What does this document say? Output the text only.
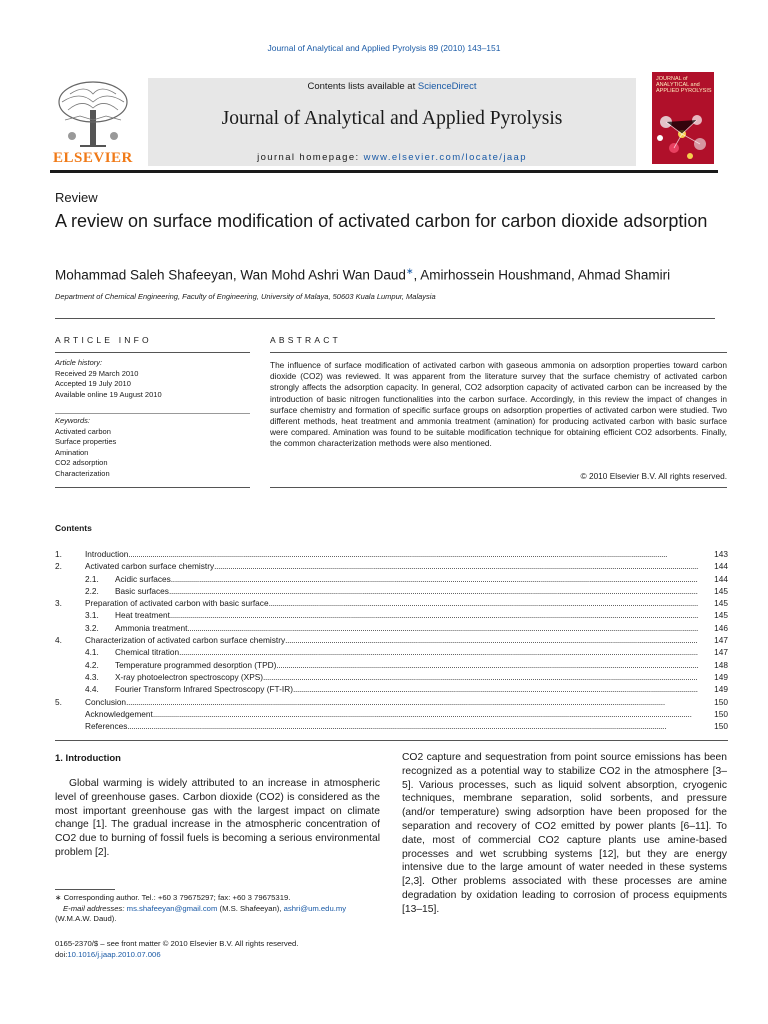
Journal of Analytical and Applied Pyrolysis 89 (2010) 143–151
ELSEVIER
Contents lists available at ScienceDirect
Journal of Analytical and Applied Pyrolysis
journal homepage: www.elsevier.com/locate/jaap
JOURNAL of ANALYTICAL and APPLIED PYROLYSIS
Review
A review on surface modification of activated carbon for carbon dioxide adsorption
Mohammad Saleh Shafeeyan, Wan Mohd Ashri Wan Daud∗, Amirhossein Houshmand, Ahmad Shamiri
Department of Chemical Engineering, Faculty of Engineering, University of Malaya, 50603 Kuala Lumpur, Malaysia
ARTICLE INFO	ABSTRACT
Article history:
Received 29 March 2010
Accepted 19 July 2010
Available online 19 August 2010
Keywords:
Activated carbon
Surface properties
Amination
CO2 adsorption
Characterization
The influence of surface modification of activated carbon with gaseous ammonia on adsorption properties toward carbon dioxide (CO2) was reviewed. It was apparent from the literature survey that the surface chemistry of activated carbon strongly affects the adsorption capacity. In general, CO2 adsorption capacity of activated carbon can be increased by the introduction of basic nitrogen functionalities into the carbon surface. Accordingly, in this review the impact of changes in surface chemistry and formation of specific surface groups on adsorption properties of activated carbon were studied. Two different methods, heat treatment and ammonia treatment (amination) for producing activated carbon with basic surface were compared. Amination was found to be suitable modification technique for obtaining efficient CO2 adsorbents. Finally, the common characterization methods were also mentioned.
© 2010 Elsevier B.V. All rights reserved.
Contents
1.	Introduction . . .	143
2.	Activated carbon surface chemistry . . .	144
2.1.	Acidic surfaces . . .	144
2.2.	Basic surfaces . . .	145
3.	Preparation of activated carbon with basic surface . . .	145
3.1.	Heat treatment . . .	145
3.2.	Ammonia treatment . . .	146
4.	Characterization of activated carbon surface chemistry . . .	147
4.1.	Chemical titration . . .	147
4.2.	Temperature programmed desorption (TPD) . . .	148
4.3.	X-ray photoelectron spectroscopy (XPS) . . .	149
4.4.	Fourier Transform Infrared Spectroscopy (FT-IR) . . .	149
5.	Conclusion . . .	150
Acknowledgement . . .	150
References . . .	150
1. Introduction
Global warming is widely attributed to an increase in atmospheric level of greenhouse gases. Carbon dioxide (CO2) is considered as the most important greenhouse gas with the largest impact on climate change [1]. The gradual increase in the atmospheric concentration of CO2 due to burning of fossil fuels is becoming a serious environmental problem [2].
CO2 capture and sequestration from point source emissions has been recognized as a potential way to stabilize CO2 in the atmosphere [3–5]. Various processes, such as liquid solvent absorption, cryogenic techniques, membrane separation, solid sorbents, and pressure (and/or temperature) swing adsorption have been proposed for the separation and recovery of CO2 emitted by power plants [6–11]. To date, most of commercial CO2 capture plants use amine-based processes and wet scrubbing systems [12], but they are energy intensive due to the large amount of water needed in these systems [2,3]. Other problems associated with these processes are amine degradation by oxidation leading to corrosion of process equipments [13–15].
∗ Corresponding author. Tel.: +60 3 79675297; fax: +60 3 79675319.
E-mail addresses: ms.shafeeyan@gmail.com (M.S. Shafeeyan), ashri@um.edu.my
(W.M.A.W. Daud).
0165-2370/$ – see front matter © 2010 Elsevier B.V. All rights reserved.
doi:10.1016/j.jaap.2010.07.006
